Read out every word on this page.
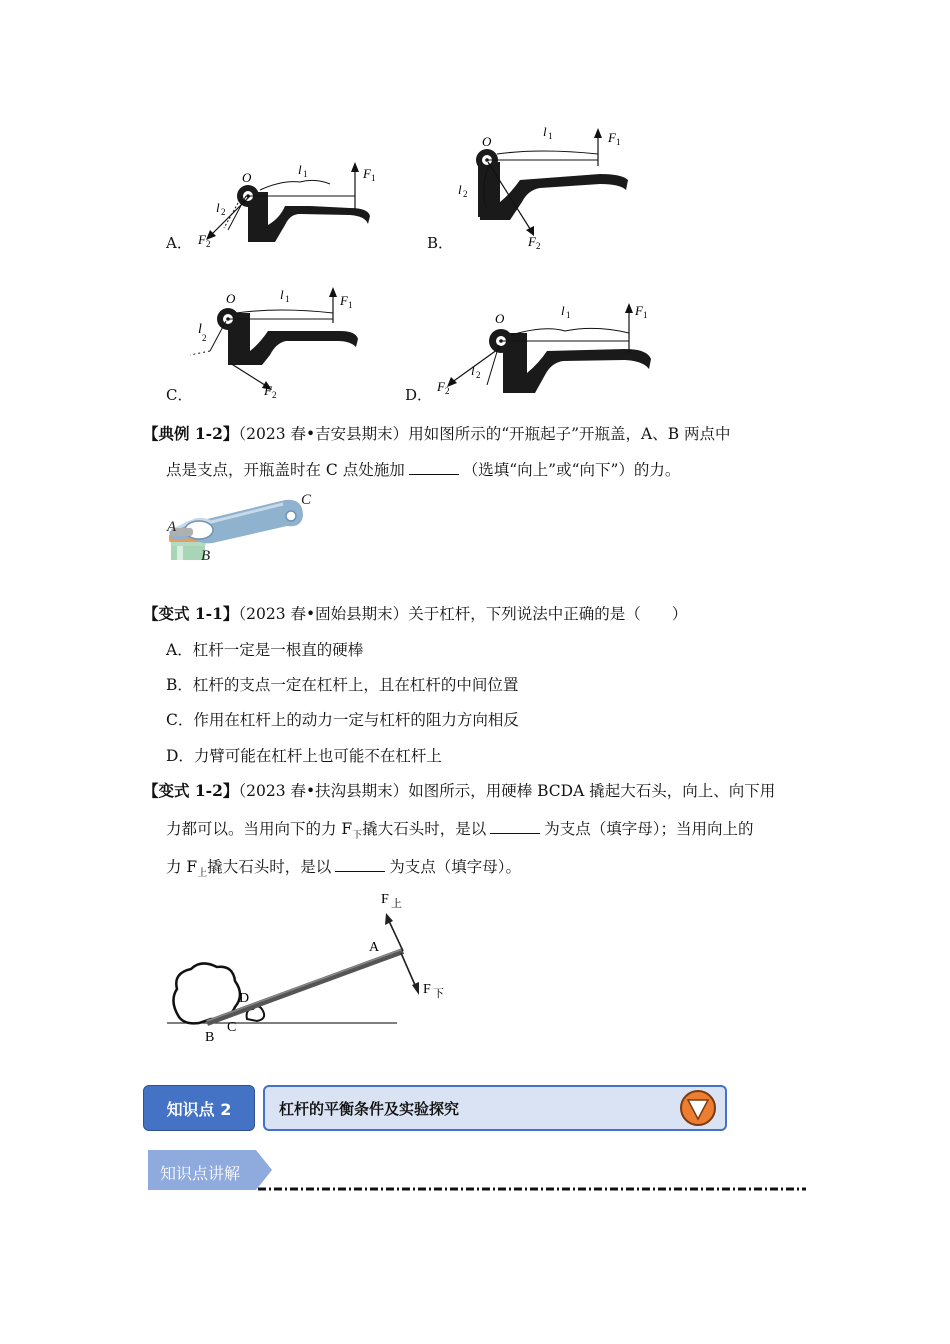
A．	B．
C．	D．
O
l 1	F 1
l 2
F 2
O
l 1	F 1
l 2
F 2
O	l 1	F 1
l
2
F 2
O
l 1	F 1
l 2
F 2
【典例 1-2】（2023 春•吉安县期末）用如图所示的“开瓶起子”开瓶盖，A、B 两点中
点是支点，开瓶盖时在 C 点处施加	（选填“向上”或“向下”）的力。
A
B
C
【变式 1-1】（2023 春•固始县期末）关于杠杆，下列说法中正确的是（　　）
A．杠杆一定是一根直的硬棒
B．杠杆的支点一定在杠杆上，且在杠杆的中间位置
C．作用在杠杆上的动力一定与杠杆的阻力方向相反
D．力臂可能在杠杆上也可能不在杠杆上
【变式 1-2】（2023 春•扶沟县期末）如图所示，用硬棒 BCDA 撬起大石头，向上、向下用
力都可以。当用向下的力 $F_下$撬大石头时，是以	为支点（填字母）；当用向上的
力 $F_上$撬大石头时，是以	为支点（填字母）。
F 上
F 下
A
B
C
D
知识点 2	杠杆的平衡条件及实验探究
知识点讲解
